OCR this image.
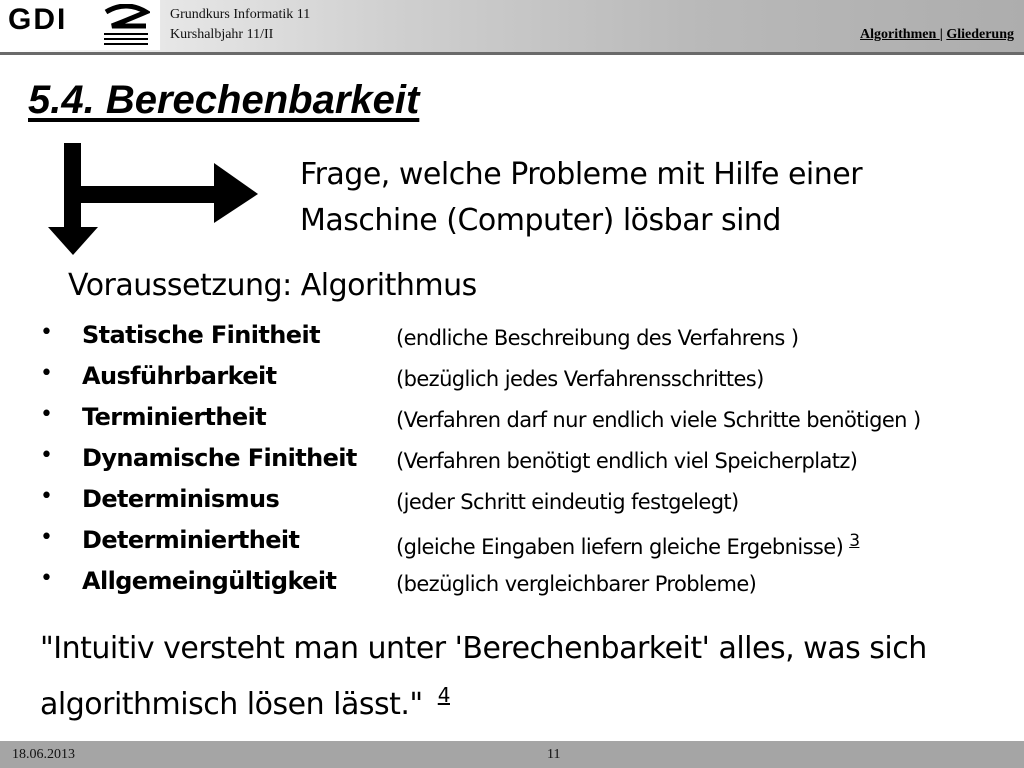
GDI	Grundkurs Informatik 11
Kurshalbjahr 11/II	Algorithmen | Gliederung
5.4. Berechenbarkeit
Frage, welche Probleme mit Hilfe einer Maschine (Computer) lösbar sind
Voraussetzung: Algorithmus
• Statische Finitheit	(endliche Beschreibung des Verfahrens )
• Ausführbarkeit	(bezüglich jedes Verfahrensschrittes)
• Terminiertheit	(Verfahren darf nur endlich viele Schritte benötigen )
• Dynamische Finitheit (Verfahren benötigt endlich viel Speicherplatz)
• Determinismus	(jeder Schritt eindeutig festgelegt)
• Determiniertheit	(gleiche Eingaben liefern gleiche Ergebnisse) $^3$
• Allgemeingültigkeit	(bezüglich vergleichbarer Probleme)
"Intuitiv versteht man unter 'Berechenbarkeit' alles, was sich algorithmisch lösen lässt." $^4$
18.06.2013	11
